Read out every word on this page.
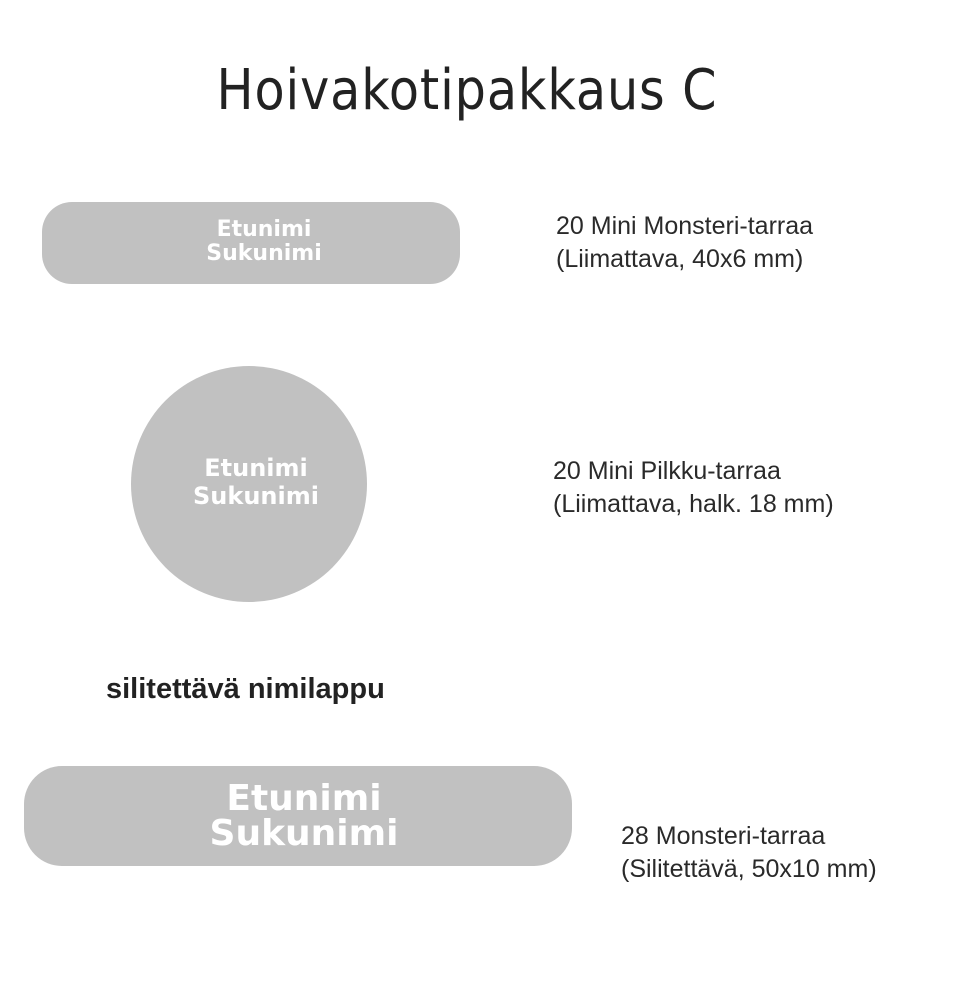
Hoivakotipakkaus C
Etunimi
Sukunimi
20 Mini Monsteri-tarraa
(Liimattava, 40x6 mm)
Etunimi
Sukunimi
20 Mini Pilkku-tarraa
(Liimattava, halk. 18 mm)
silitettävä nimilappu
Etunimi
Sukunimi	28 Monsteri-tarraa
(Silitettävä, 50x10 mm)
